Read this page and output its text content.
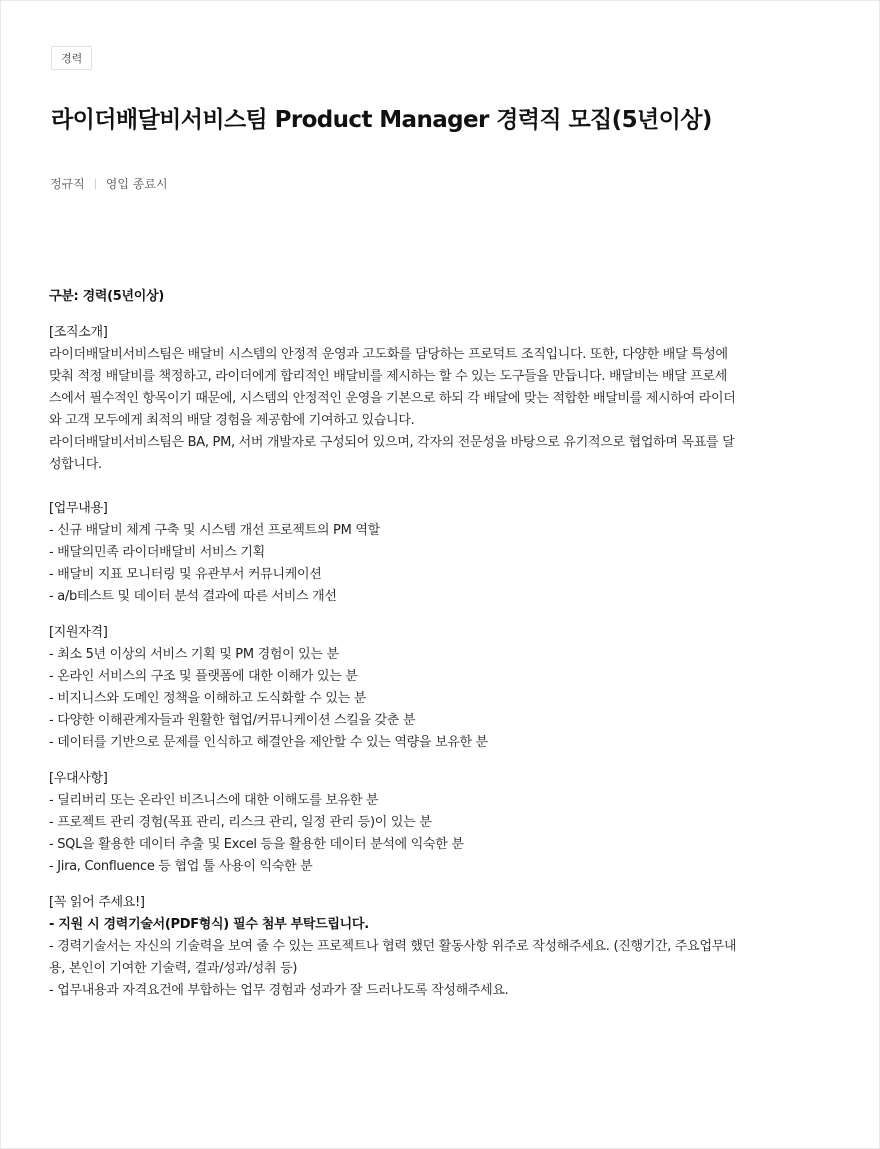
경력
라이더배달비서비스팀 Product Manager 경력직 모집(5년이상)
정규직 영입 종료시

구분: 경력(5년이상)

[조직소개]

라이더배달비서비스팀은 배달비 시스템의 안정적 운영과 고도화를 담당하는 프로덕트 조직입니다. 또한, 다양한 배달 특성에

맞춰 적정 배달비를 책정하고, 라이더에게 합리적인 배달비를 제시하는 할 수 있는 도구들을 만듭니다. 배달비는 배달 프로세

스에서 필수적인 항목이기 때문에, 시스템의 안정적인 운영을 기본으로 하되 각 배달에 맞는 적합한 배달비를 제시하여 라이더

와 고객 모두에게 최적의 배달 경험을 제공함에 기여하고 있습니다.

라이더배달비서비스팀은 BA, PM, 서버 개발자로 구성되어 있으며, 각자의 전문성을 바탕으로 유기적으로 협업하며 목표를 달

성합니다.

[업무내용]

- 신규 배달비 체계 구축 및 시스템 개선 프로젝트의 PM 역할

- 배달의민족 라이더배달비 서비스 기획

- 배달비 지표 모니터링 및 유관부서 커뮤니케이션

- a/b테스트 및 데이터 분석 결과에 따른 서비스 개선

[지원자격]

- 최소 5년 이상의 서비스 기획 및 PM 경험이 있는 분

- 온라인 서비스의 구조 및 플랫폼에 대한 이해가 있는 분

- 비지니스와 도메인 정책을 이해하고 도식화할 수 있는 분

- 다양한 이해관계자들과 원활한 협업/커뮤니케이션 스킬을 갖춘 분

- 데이터를 기반으로 문제를 인식하고 해결안을 제안할 수 있는 역량을 보유한 분

[우대사항]

- 딜리버리 또는 온라인 비즈니스에 대한 이해도를 보유한 분

- 프로젝트 관리 경험(목표 관리, 리스크 관리, 일정 관리 등)이 있는 분

- SQL을 활용한 데이터 추출 및 Excel 등을 활용한 데이터 분석에 익숙한 분

- Jira, Confluence 등 협업 툴 사용이 익숙한 분

[꼭 읽어 주세요!]

- 지원 시 경력기술서(PDF형식) 필수 첨부 부탁드립니다.

- 경력기술서는 자신의 기술력을 보여 줄 수 있는 프로젝트나 협력 했던 활동사항 위주로 작성해주세요. (진행기간, 주요업무내

용, 본인이 기여한 기술력, 결과/성과/성취 등)

- 업무내용과 자격요건에 부합하는 업무 경험과 성과가 잘 드러나도록 작성해주세요.
